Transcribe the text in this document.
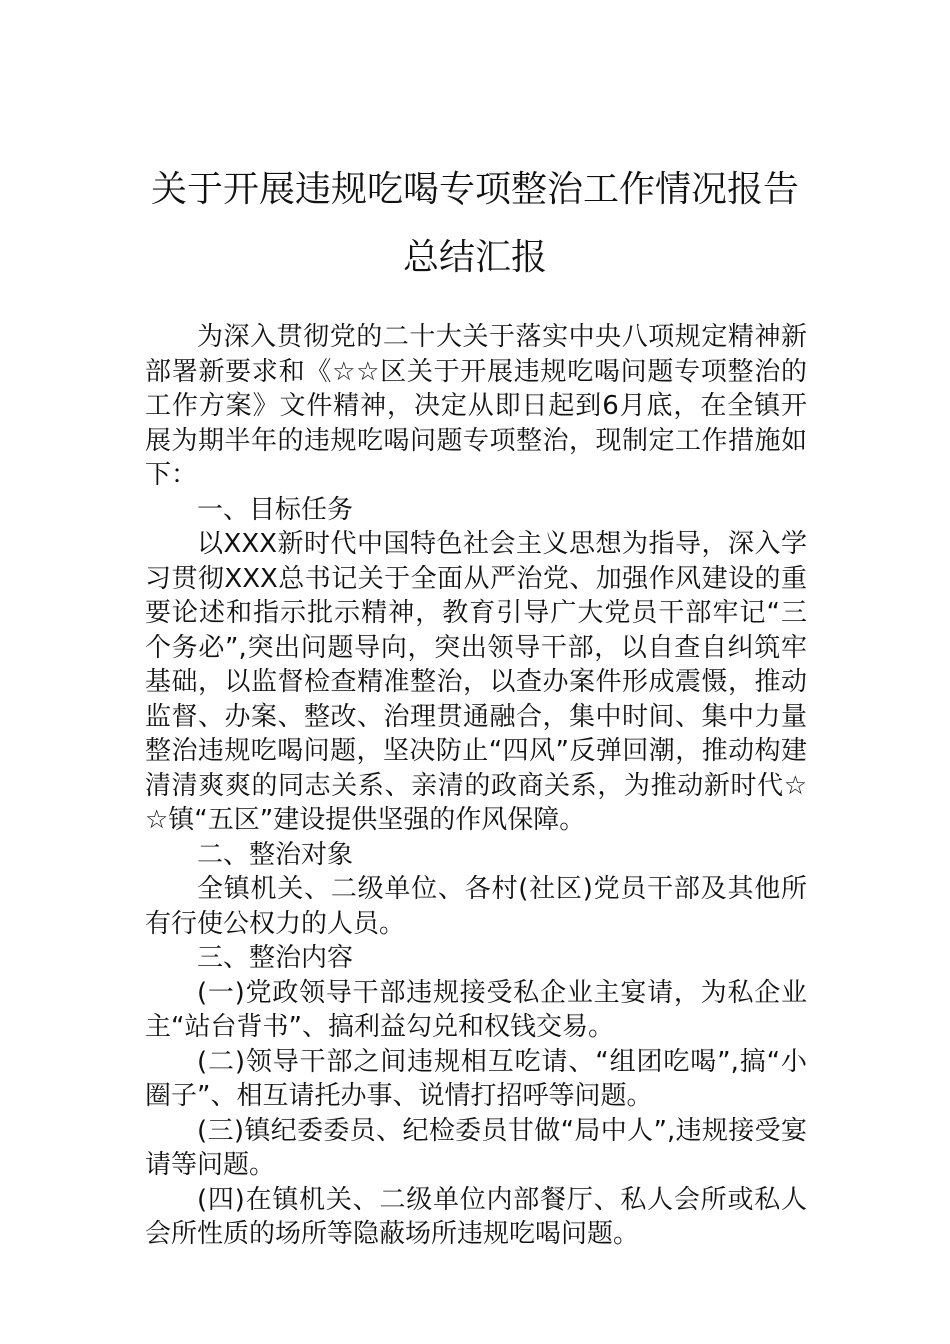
关于开展违规吃喝专项整治工作情况报告
总结汇报

为深入贯彻党的二十大关于落实中央八项规定精神新部署新要求和《☆☆区关于开展违规吃喝问题专项整治的工作方案》文件精神，决定从即日起到6月底，在全镇开展为期半年的违规吃喝问题专项整治，现制定工作措施如下：

一、目标任务

以XXX新时代中国特色社会主义思想为指导，深入学习贯彻XXX总书记关于全面从严治党、加强作风建设的重要论述和指示批示精神，教育引导广大党员干部牢记“三个务必”,突出问题导向，突出领导干部，以自查自纠筑牢基础，以监督检查精准整治，以查办案件形成震慑，推动监督、办案、整改、治理贯通融合，集中时间、集中力量整治违规吃喝问题，坚决防止“四风”反弹回潮，推动构建清清爽爽的同志关系、亲清的政商关系，为推动新时代☆☆镇“五区”建设提供坚强的作风保障。

二、整治对象

全镇机关、二级单位、各村(社区)党员干部及其他所有行使公权力的人员。

三、整治内容

(一)党政领导干部违规接受私企业主宴请，为私企业主“站台背书”、搞利益勾兑和权钱交易。

(二)领导干部之间违规相互吃请、“组团吃喝”,搞“小圈子”、相互请托办事、说情打招呼等问题。

(三)镇纪委委员、纪检委员甘做“局中人”,违规接受宴请等问题。

(四)在镇机关、二级单位内部餐厅、私人会所或私人会所性质的场所等隐蔽场所违规吃喝问题。
